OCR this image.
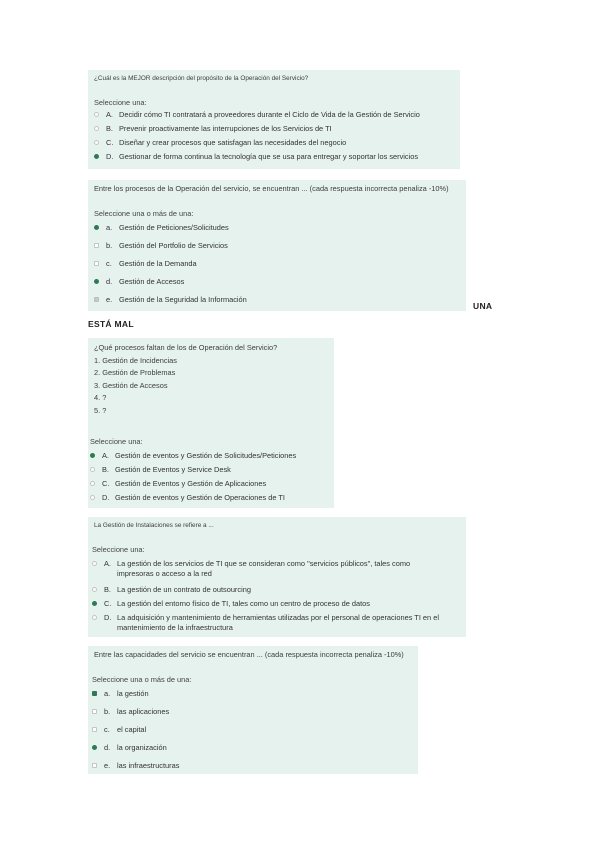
¿Cuál es la MEJOR descripción del propósito de la Operación del Servicio?
Seleccione una:
A. Decidir cómo TI contratará a proveedores durante el Ciclo de Vida de la Gestión de Servicio
B. Prevenir proactivamente las interrupciones de los Servicios de TI
C. Diseñar y crear procesos que satisfagan las necesidades del negocio
D. Gestionar de forma continua la tecnología que se usa para entregar y soportar los servicios
Entre los procesos de la Operación del servicio, se encuentran ... (cada respuesta incorrecta penaliza -10%)
Seleccione una o más de una:
a. Gestión de Peticiones/Solicitudes
b. Gestión del Portfolio de Servicios
c. Gestión de la Demanda
d. Gestión de Accesos
e. Gestión de la Seguridad la Información
UNA
ESTÁ MAL
¿Qué procesos faltan de los de Operación del Servicio?
1. Gestión de Incidencias
2. Gestión de Problemas
3. Gestión de Accesos
4. ?
5. ?
Seleccione una:
A. Gestión de eventos y Gestión de Solicitudes/Peticiones
B. Gestión de Eventos y Service Desk
C. Gestión de Eventos y Gestión de Aplicaciones
D. Gestión de eventos y Gestión de Operaciones de TI
La Gestión de Instalaciones se refiere a ...
Seleccione una:
A. La gestión de los servicios de TI que se consideran como "servicios públicos", tales como impresoras o acceso a la red
B. La gestión de un contrato de outsourcing
C. La gestión del entorno físico de TI, tales como un centro de proceso de datos
D. La adquisición y mantenimiento de herramientas utilizadas por el personal de operaciones TI en el mantenimiento de la infraestructura
Entre las capacidades del servicio se encuentran ... (cada respuesta incorrecta penaliza -10%)
Seleccione una o más de una:
a. la gestión
b. las aplicaciones
c. el capital
d. la organización
e. las infraestructuras
